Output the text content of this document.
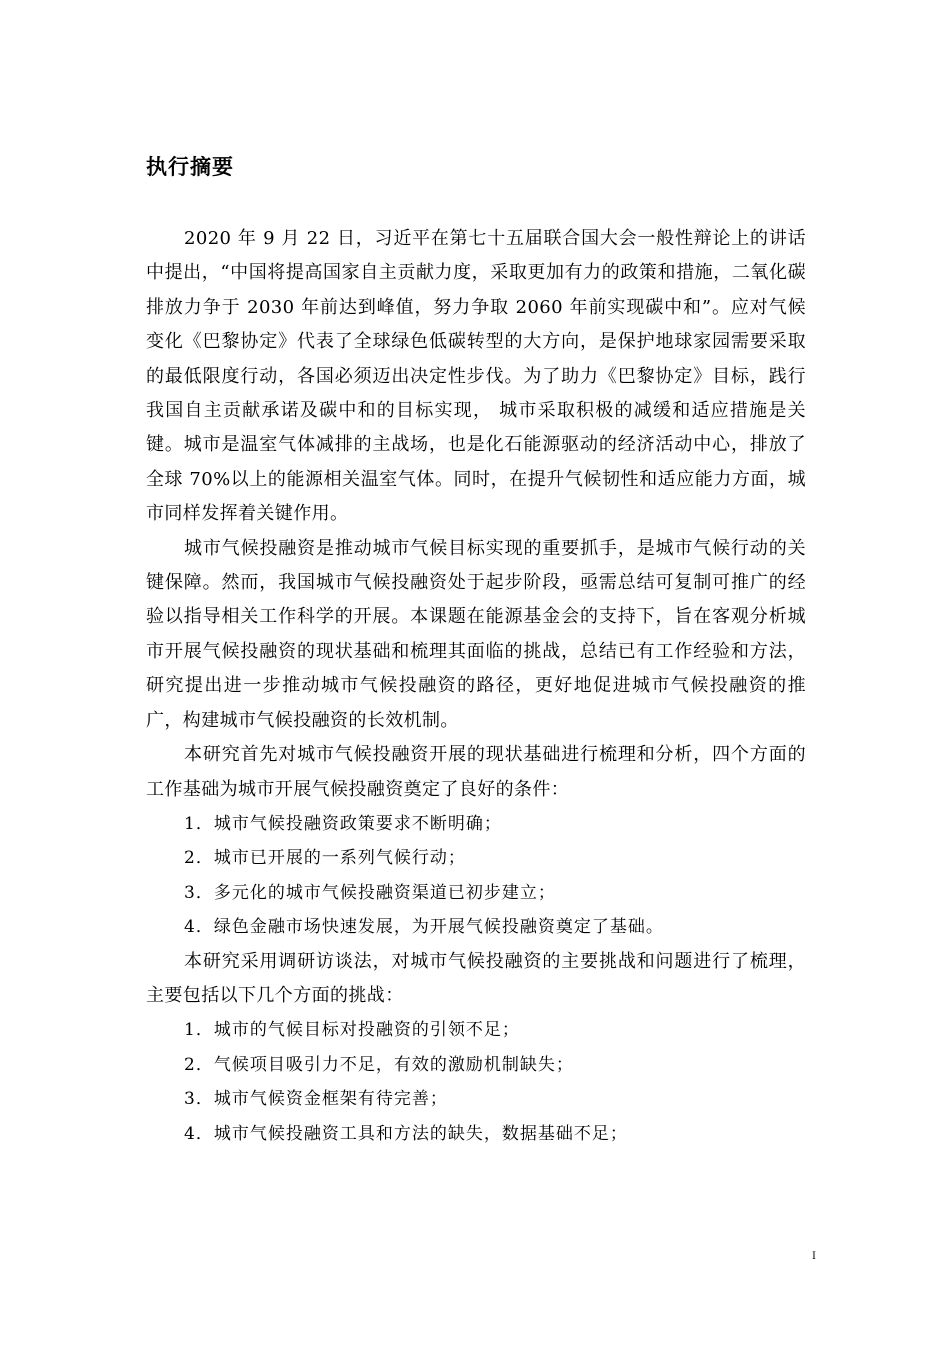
执行摘要

2020 年 9 月 22 日，习近平在第七十五届联合国大会一般性辩论上的讲话中提出，“中国将提高国家自主贡献力度，采取更加有力的政策和措施，二氧化碳排放力争于 2030 年前达到峰值，努力争取 2060 年前实现碳中和”。应对气候变化《巴黎协定》代表了全球绿色低碳转型的大方向，是保护地球家园需要采取的最低限度行动，各国必须迈出决定性步伐。为了助力《巴黎协定》目标，践行我国自主贡献承诺及碳中和的目标实现， 城市采取积极的减缓和适应措施是关键。城市是温室气体减排的主战场，也是化石能源驱动的经济活动中心，排放了全球 70%以上的能源相关温室气体。同时，在提升气候韧性和适应能力方面，城市同样发挥着关键作用。

城市气候投融资是推动城市气候目标实现的重要抓手，是城市气候行动的关键保障。然而，我国城市气候投融资处于起步阶段，亟需总结可复制可推广的经验以指导相关工作科学的开展。本课题在能源基金会的支持下，旨在客观分析城市开展气候投融资的现状基础和梳理其面临的挑战，总结已有工作经验和方法，研究提出进一步推动城市气候投融资的路径，更好地促进城市气候投融资的推广，构建城市气候投融资的长效机制。

本研究首先对城市气候投融资开展的现状基础进行梳理和分析，四个方面的工作基础为城市开展气候投融资奠定了良好的条件：

1．城市气候投融资政策要求不断明确；
2．城市已开展的一系列气候行动；
3．多元化的城市气候投融资渠道已初步建立；
4．绿色金融市场快速发展，为开展气候投融资奠定了基础。

本研究采用调研访谈法，对城市气候投融资的主要挑战和问题进行了梳理，主要包括以下几个方面的挑战：

1．城市的气候目标对投融资的引领不足；
2．气候项目吸引力不足，有效的激励机制缺失；
3．城市气候资金框架有待完善；
4．城市气候投融资工具和方法的缺失，数据基础不足；
I
